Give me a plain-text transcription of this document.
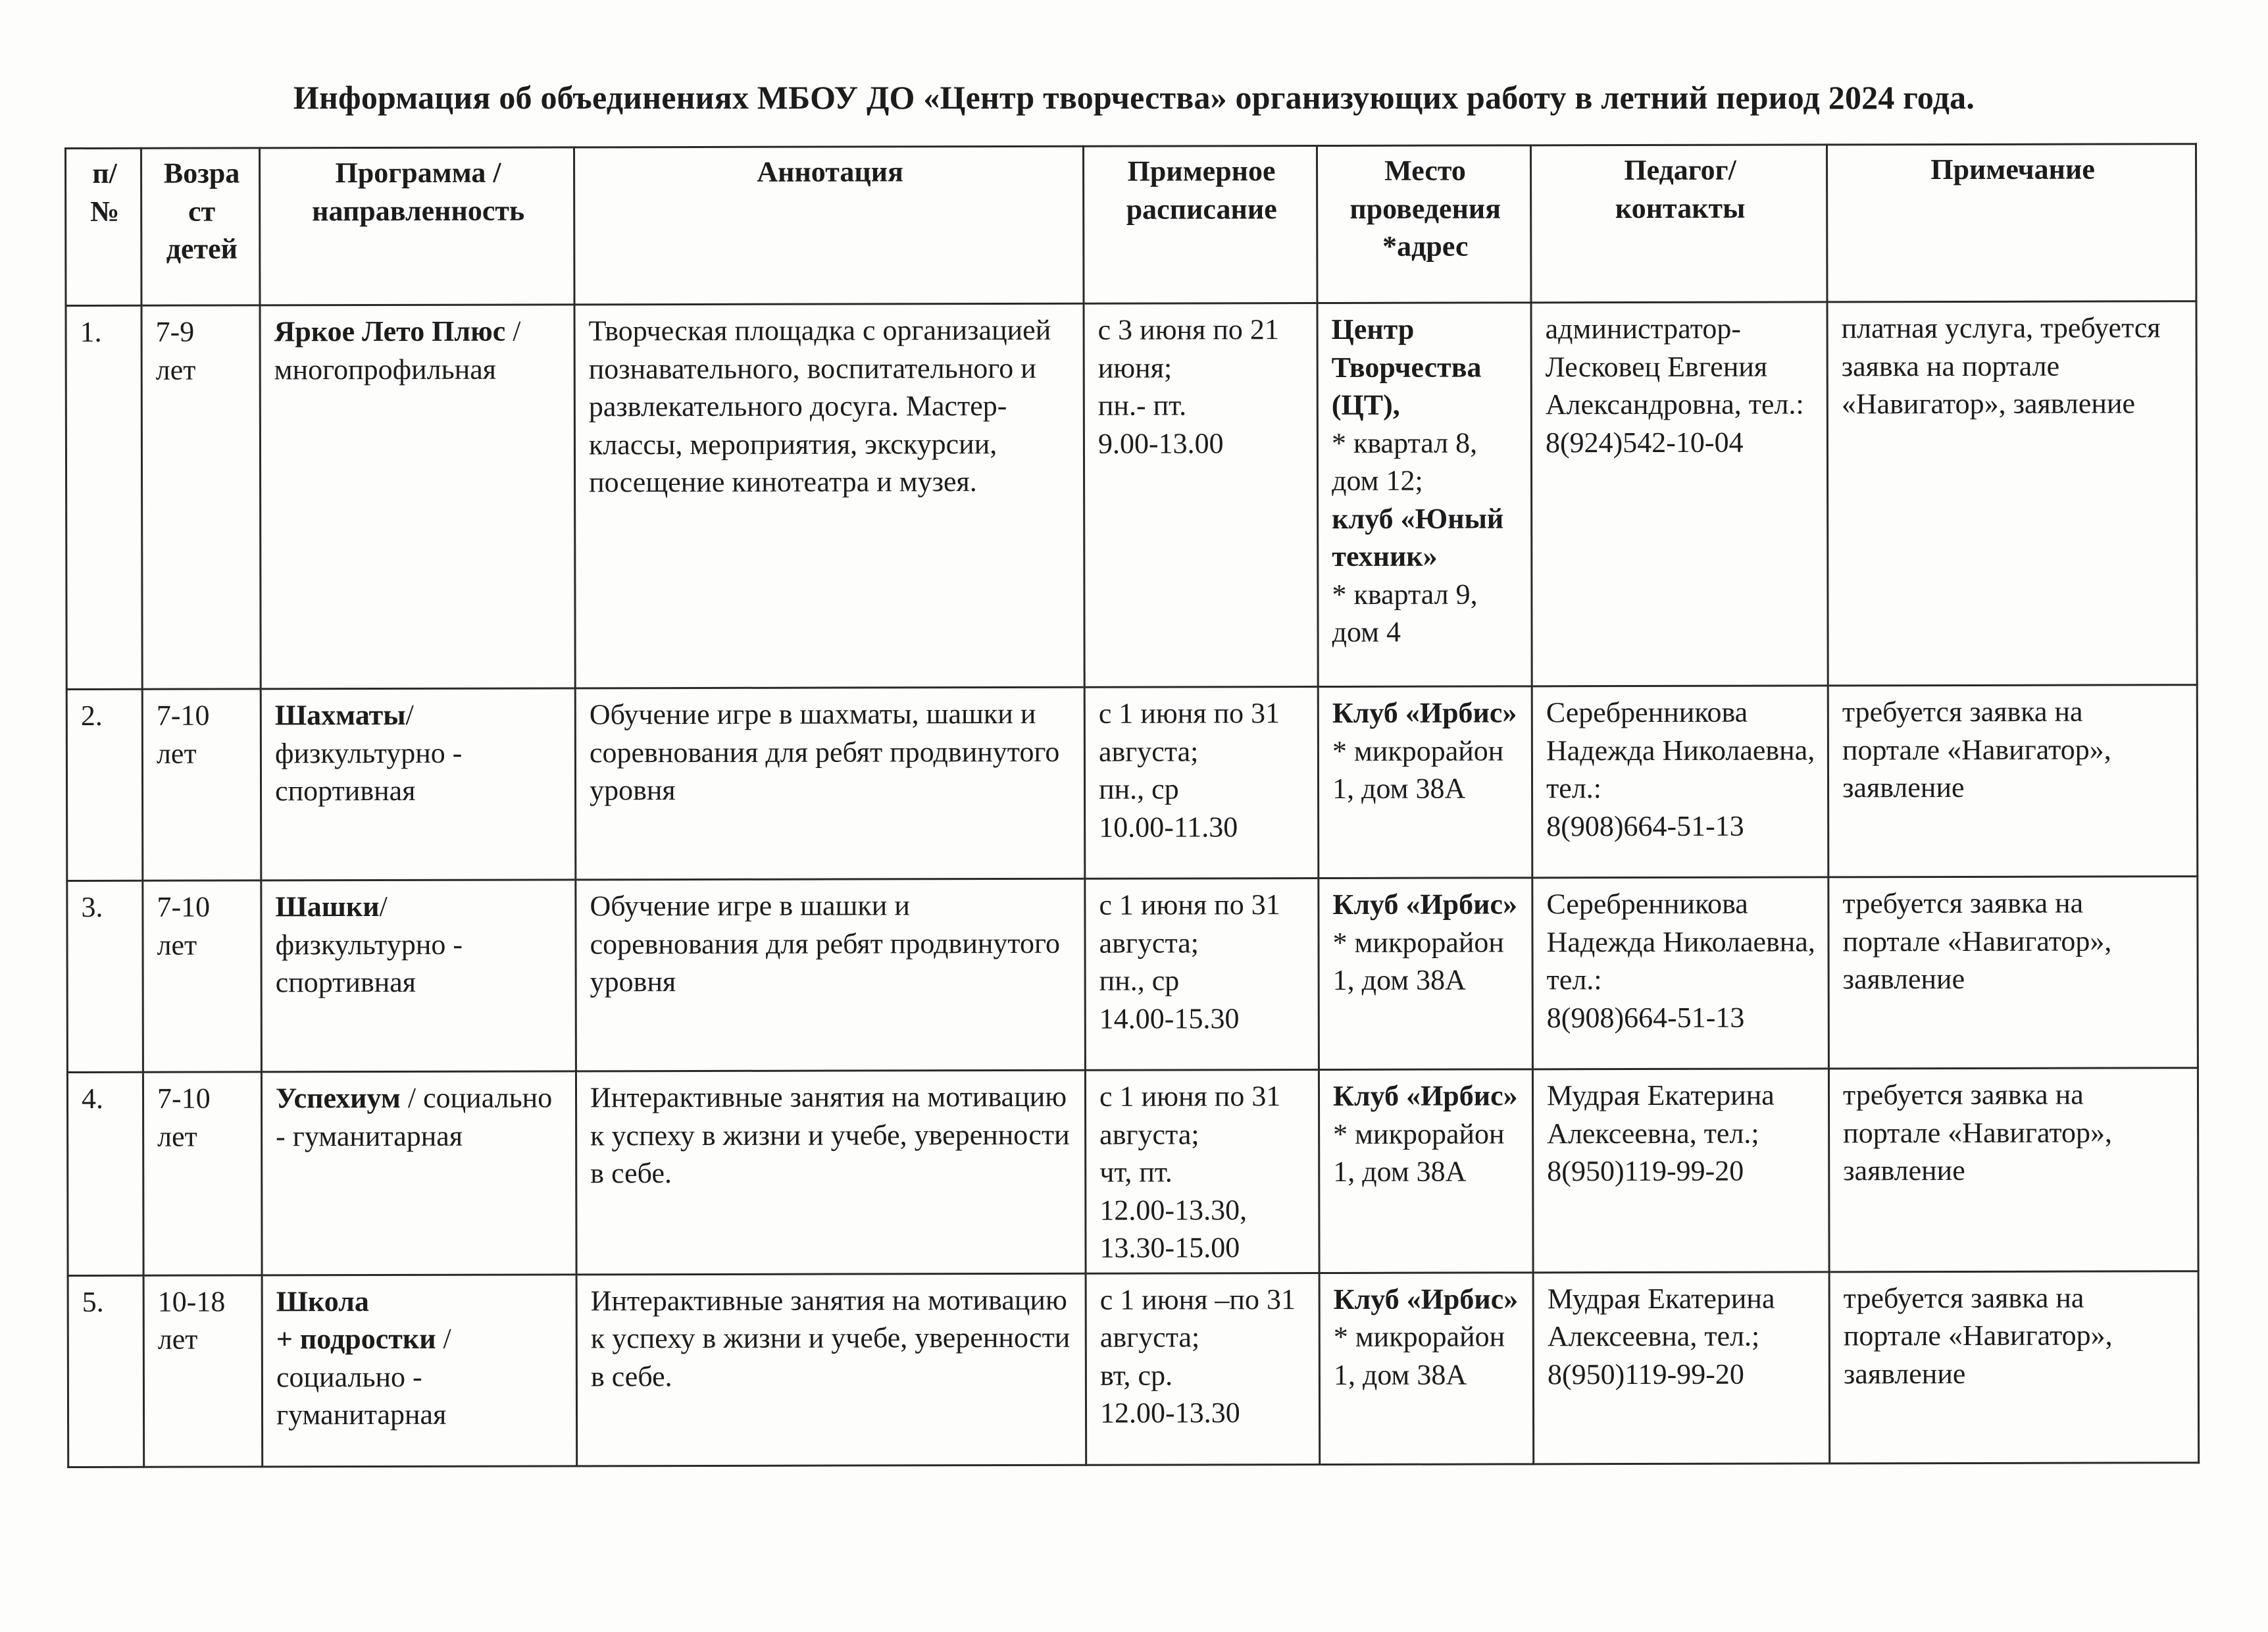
Информация об объединениях МБОУ ДО «Центр творчества» организующих работу в летний период 2024 года.
п/
№	Возра
ст
детей	Программа /
направленность	Аннотация	Примерное
расписание	Место
проведения
*адрес	Педагог/
контакты	Примечание
1.	7-9
лет	Яркое Лето Плюс / многопрофильная	Творческая площадка с организацией познавательного, воспитательного и развлекательного досуга. Мастер-классы, мероприятия, экскурсии, посещение кинотеатра и музея.	с 3 июня по 21 июня;
пн.- пт.
9.00-13.00	Центр Творчества (ЦТ),
* квартал 8, дом 12;
клуб «Юный техник»
* квартал 9, дом 4	администратор-Лесковец Евгения Александровна, тел.:
8(924)542-10-04	платная услуга, требуется заявка на портале «Навигатор», заявление
2.	7-10
лет	Шахматы/ физкультурно - спортивная	Обучение игре в шахматы, шашки и соревнования для ребят продвинутого уровня	с 1 июня по 31 августа;
пн., ср
10.00-11.30	Клуб «Ирбис»
* микрорайон 1, дом 38А	Серебренникова Надежда Николаевна, тел.:
8(908)664-51-13	требуется заявка на портале «Навигатор», заявление
3.	7-10
лет	Шашки/ физкультурно - спортивная	Обучение игре в шашки и соревнования для ребят продвинутого уровня	с 1 июня по 31 августа;
пн., ср
14.00-15.30	Клуб «Ирбис»
* микрорайон 1, дом 38А	Серебренникова Надежда Николаевна, тел.:
8(908)664-51-13	требуется заявка на портале «Навигатор», заявление
4.	7-10
лет	Успехиум / социально - гуманитарная	Интерактивные занятия на мотивацию к успеху в жизни и учебе, уверенности в себе.	с 1 июня по 31 августа;
чт, пт.
12.00-13.30,
13.30-15.00	Клуб «Ирбис»
* микрорайон 1, дом 38А	Мудрая Екатерина Алексеевна, тел.;
8(950)119-99-20	требуется заявка на портале «Навигатор», заявление
5.	10-18
лет	Школа
+ подростки / социально - гуманитарная	Интерактивные занятия на мотивацию к успеху в жизни и учебе, уверенности в себе.	с 1 июня –по 31 августа;
вт, ср.
12.00-13.30	Клуб «Ирбис»
* микрорайон 1, дом 38А	Мудрая Екатерина Алексеевна, тел.;
8(950)119-99-20	требуется заявка на портале «Навигатор», заявление
